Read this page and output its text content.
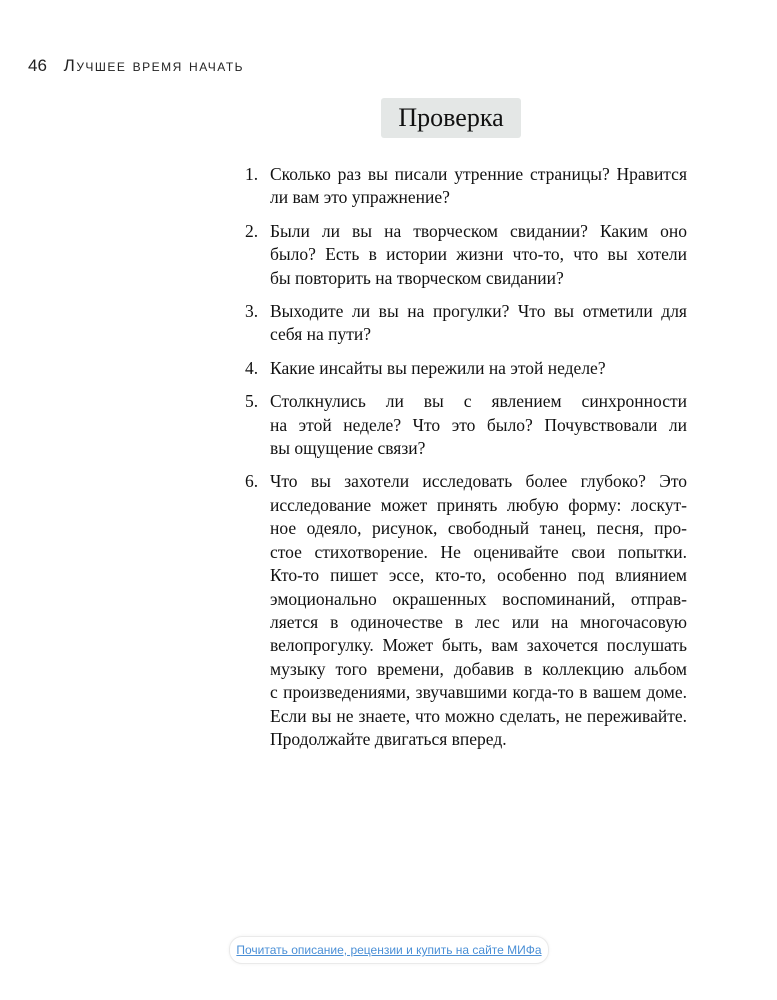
46 Лучшее время начать
Проверка
1. Сколько раз вы писали утренние страницы? Нравится
ли вам это упражнение?
2. Были ли вы на творческом свидании? Каким оно
было? Есть в истории жизни что-то, что вы хотели
бы повторить на творческом свидании?
3. Выходите ли вы на прогулки? Что вы отметили для
себя на пути?
4. Какие инсайты вы пережили на этой неделе?
5. Столкнулись ли вы с явлением синхронности
на этой неделе? Что это было? Почувствовали ли
вы ощущение связи?
6. Что вы захотели исследовать более глубоко? Это
исследование может принять любую форму: лоскут-
ное одеяло, рисунок, свободный танец, песня, про-
стое стихотворение. Не оценивайте свои попытки.
Кто-то пишет эссе, кто-то, особенно под влиянием
эмоционально окрашенных воспоминаний, отправ-
ляется в одиночестве в лес или на многочасовую
велопрогулку. Может быть, вам захочется послушать
музыку того времени, добавив в коллекцию альбом
с произведениями, звучавшими когда-то в вашем доме.
Если вы не знаете, что можно сделать, не переживайте.
Продолжайте двигаться вперед.
Почитать описание, рецензии и купить на сайте МИФа
